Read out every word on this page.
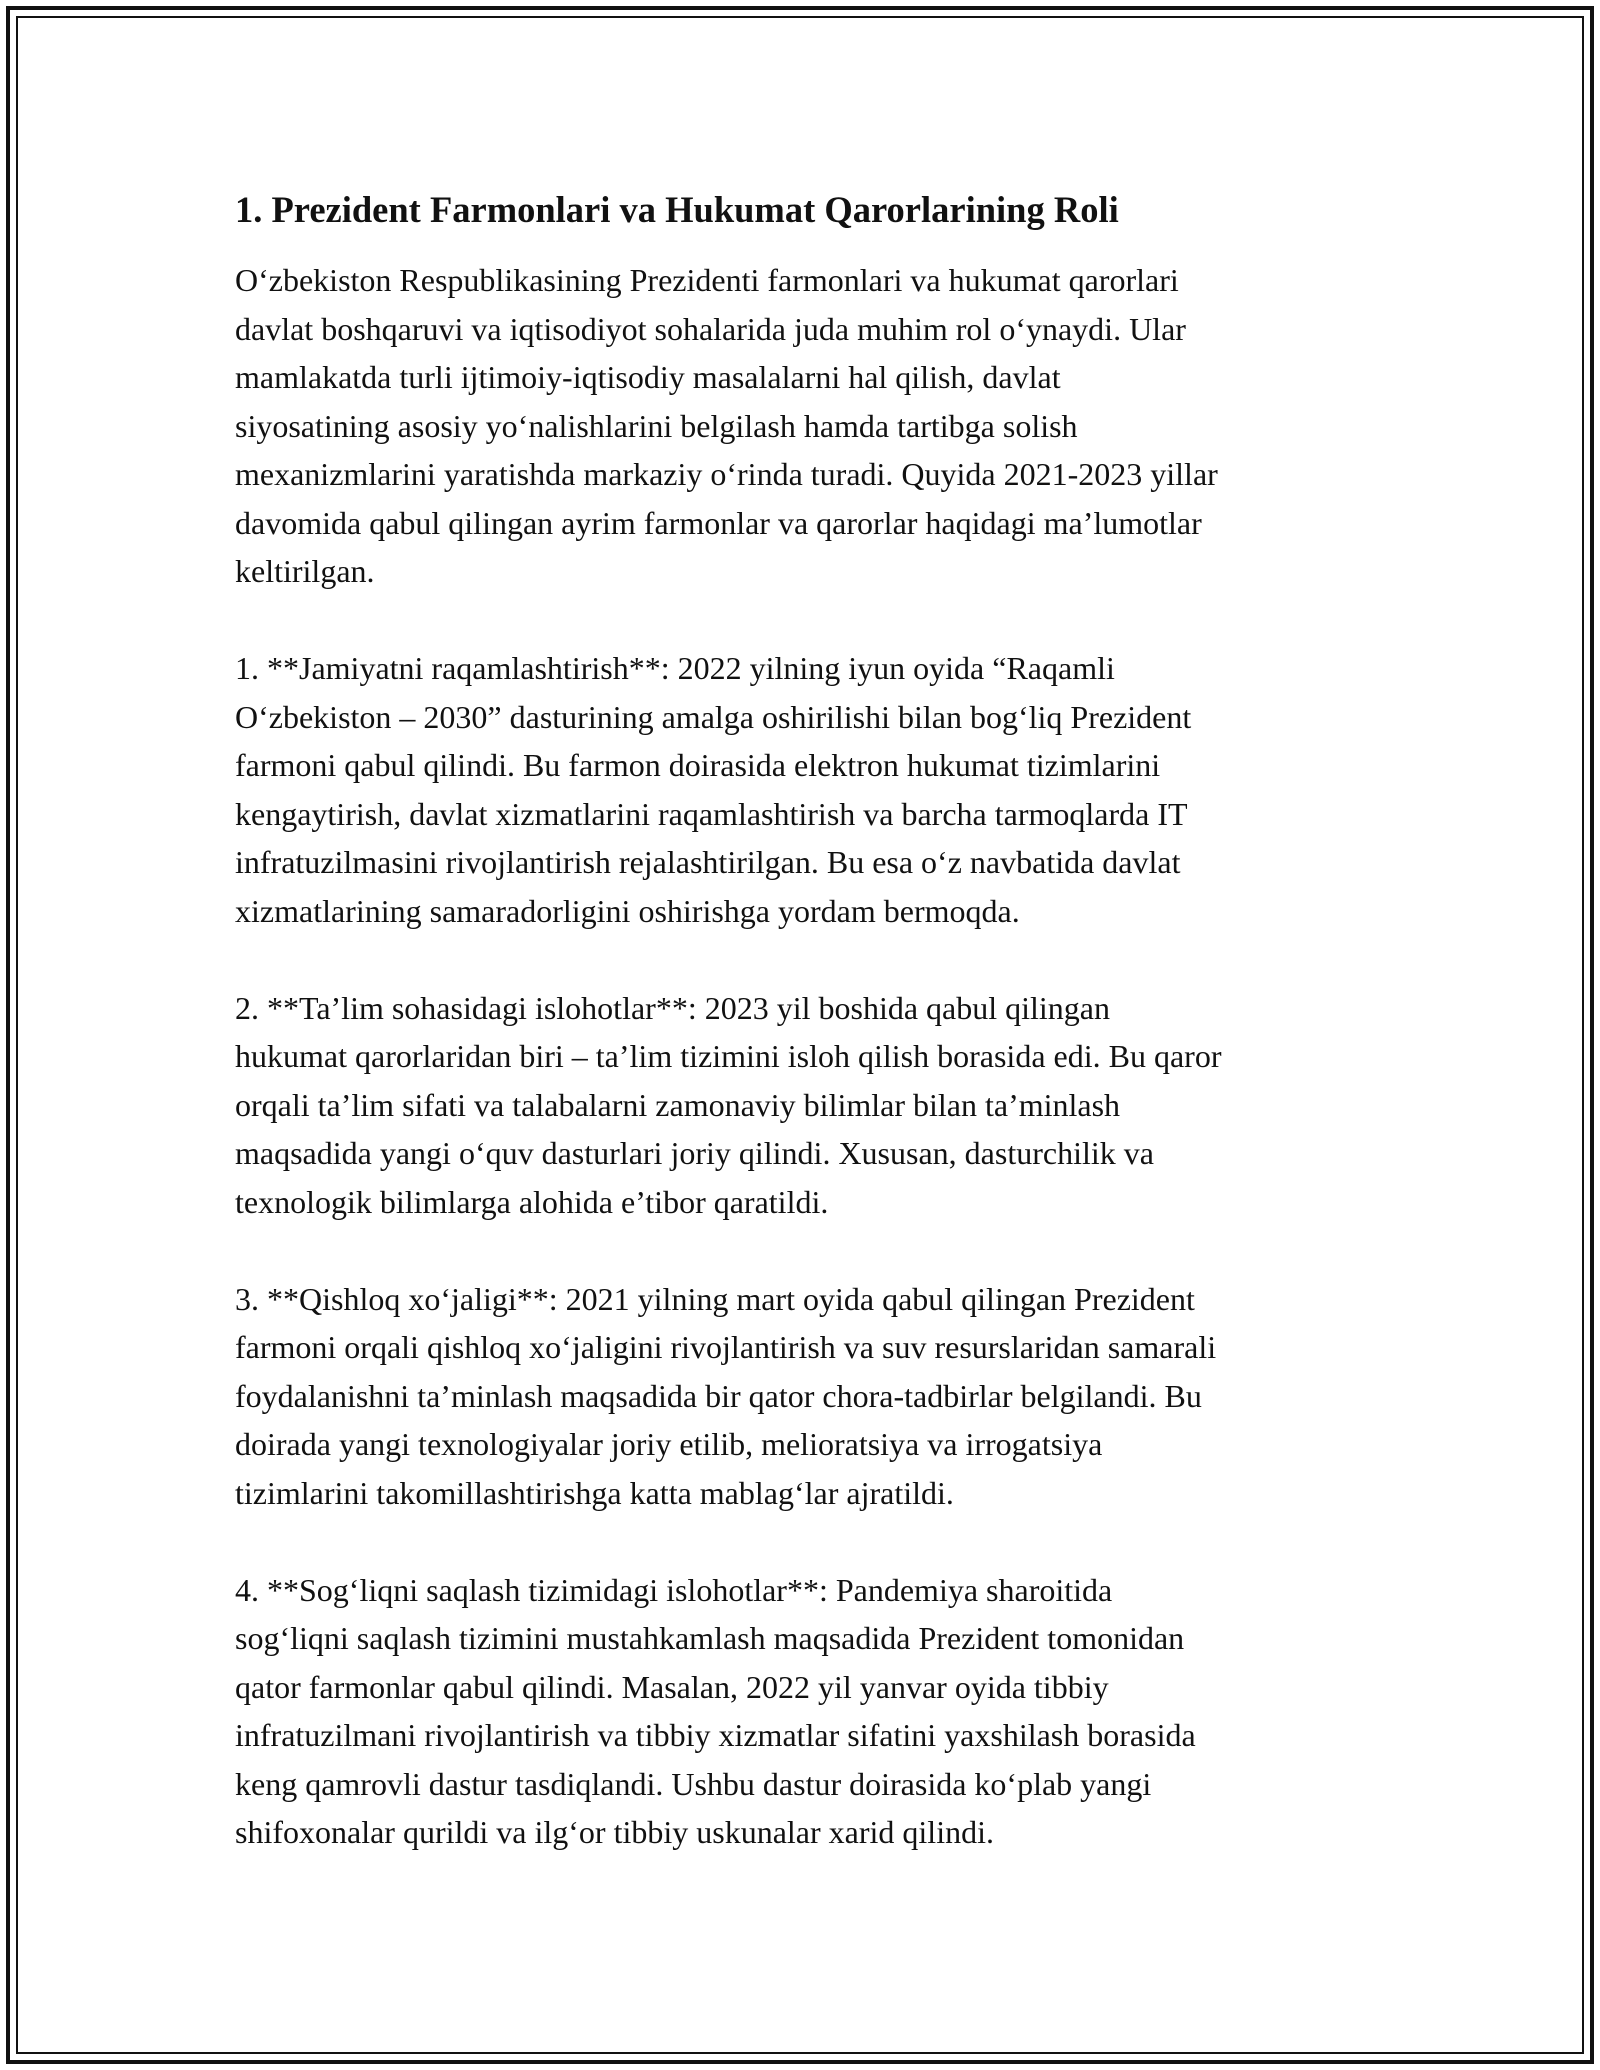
1. Prezident Farmonlari va Hukumat Qarorlarining Roli

O‘zbekiston Respublikasining Prezidenti farmonlari va hukumat qarorlari
davlat boshqaruvi va iqtisodiyot sohalarida juda muhim rol o‘ynaydi. Ular
mamlakatda turli ijtimoiy-iqtisodiy masalalarni hal qilish, davlat
siyosatining asosiy yo‘nalishlarini belgilash hamda tartibga solish
mexanizmlarini yaratishda markaziy o‘rinda turadi. Quyida 2021-2023 yillar
davomida qabul qilingan ayrim farmonlar va qarorlar haqidagi ma’lumotlar
keltirilgan.

1. **Jamiyatni raqamlashtirish**: 2022 yilning iyun oyida “Raqamli
O‘zbekiston – 2030” dasturining amalga oshirilishi bilan bog‘liq Prezident
farmoni qabul qilindi. Bu farmon doirasida elektron hukumat tizimlarini
kengaytirish, davlat xizmatlarini raqamlashtirish va barcha tarmoqlarda IT
infratuzilmasini rivojlantirish rejalashtirilgan. Bu esa o‘z navbatida davlat
xizmatlarining samaradorligini oshirishga yordam bermoqda.

2. **Ta’lim sohasidagi islohotlar**: 2023 yil boshida qabul qilingan
hukumat qarorlaridan biri – ta’lim tizimini isloh qilish borasida edi. Bu qaror
orqali ta’lim sifati va talabalarni zamonaviy bilimlar bilan ta’minlash
maqsadida yangi o‘quv dasturlari joriy qilindi. Xususan, dasturchilik va
texnologik bilimlarga alohida e’tibor qaratildi.

3. **Qishloq xo‘jaligi**: 2021 yilning mart oyida qabul qilingan Prezident
farmoni orqali qishloq xo‘jaligini rivojlantirish va suv resurslaridan samarali
foydalanishni ta’minlash maqsadida bir qator chora-tadbirlar belgilandi. Bu
doirada yangi texnologiyalar joriy etilib, melioratsiya va irrogatsiya
tizimlarini takomillashtirishga katta mablag‘lar ajratildi.

4. **Sog‘liqni saqlash tizimidagi islohotlar**: Pandemiya sharoitida
sog‘liqni saqlash tizimini mustahkamlash maqsadida Prezident tomonidan
qator farmonlar qabul qilindi. Masalan, 2022 yil yanvar oyida tibbiy
infratuzilmani rivojlantirish va tibbiy xizmatlar sifatini yaxshilash borasida
keng qamrovli dastur tasdiqlandi. Ushbu dastur doirasida ko‘plab yangi
shifoxonalar qurildi va ilg‘or tibbiy uskunalar xarid qilindi.
